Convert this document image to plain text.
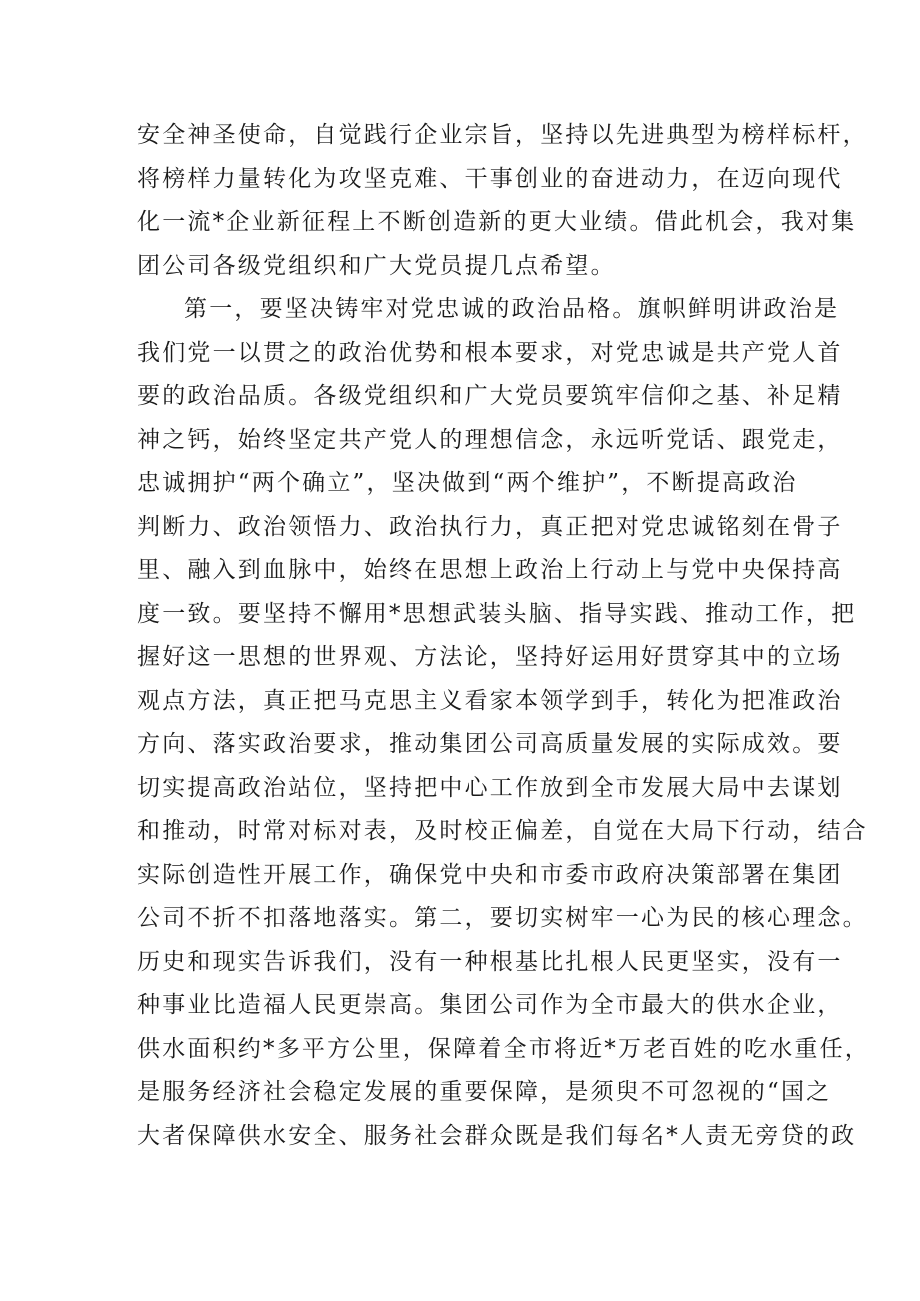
安全神圣使命，自觉践行企业宗旨，坚持以先进典型为榜样标杆，
将榜样力量转化为攻坚克难、干事创业的奋进动力，在迈向现代
化一流*企业新征程上不断创造新的更大业绩。借此机会，我对集
团公司各级党组织和广大党员提几点希望。
第一，要坚决铸牢对党忠诚的政治品格。旗帜鲜明讲政治是
我们党一以贯之的政治优势和根本要求，对党忠诚是共产党人首
要的政治品质。各级党组织和广大党员要筑牢信仰之基、补足精
神之钙，始终坚定共产党人的理想信念，永远听党话、跟党走，
忠诚拥护“两个确立”，坚决做到“两个维护”，不断提高政治
判断力、政治领悟力、政治执行力，真正把对党忠诚铭刻在骨子
里、融入到血脉中，始终在思想上政治上行动上与党中央保持高
度一致。要坚持不懈用*思想武装头脑、指导实践、推动工作，把
握好这一思想的世界观、方法论，坚持好运用好贯穿其中的立场
观点方法，真正把马克思主义看家本领学到手，转化为把准政治
方向、落实政治要求，推动集团公司高质量发展的实际成效。要
切实提高政治站位，坚持把中心工作放到全市发展大局中去谋划
和推动，时常对标对表，及时校正偏差，自觉在大局下行动，结合
实际创造性开展工作，确保党中央和市委市政府决策部署在集团
公司不折不扣落地落实。第二，要切实树牢一心为民的核心理念。
历史和现实告诉我们，没有一种根基比扎根人民更坚实，没有一
种事业比造福人民更崇高。集团公司作为全市最大的供水企业，
供水面积约*多平方公里，保障着全市将近*万老百姓的吃水重任，
是服务经济社会稳定发展的重要保障，是须臾不可忽视的“国之
大者保障供水安全、服务社会群众既是我们每名*人责无旁贷的政
